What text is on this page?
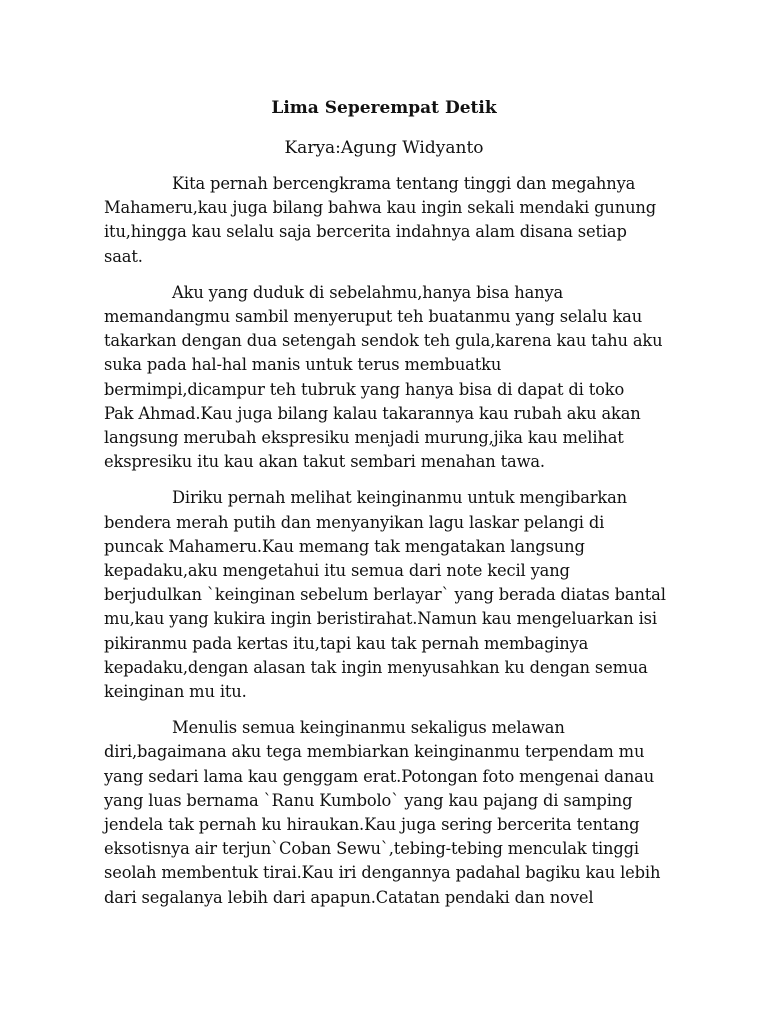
Lima Seperempat Detik
Karya:Agung Widyanto

Kita pernah bercengkrama tentang tinggi dan megahnya
Mahameru,kau juga bilang bahwa kau ingin sekali mendaki gunung
itu,hingga kau selalu saja bercerita indahnya alam disana setiap
saat.

Aku yang duduk di sebelahmu,hanya bisa hanya
memandangmu sambil menyeruput teh buatanmu yang selalu kau
takarkan dengan dua setengah sendok teh gula,karena kau tahu aku
suka pada hal-hal manis untuk terus membuatku
bermimpi,dicampur teh tubruk yang hanya bisa di dapat di toko
Pak Ahmad.Kau juga bilang kalau takarannya kau rubah aku akan
langsung merubah ekspresiku menjadi murung,jika kau melihat
ekspresiku itu kau akan takut sembari menahan tawa.

Diriku pernah melihat keinginanmu untuk mengibarkan
bendera merah putih dan menyanyikan lagu laskar pelangi di
puncak Mahameru.Kau memang tak mengatakan langsung
kepadaku,aku mengetahui itu semua dari note kecil yang
berjudulkan `keinginan sebelum berlayar` yang berada diatas bantal
mu,kau yang kukira ingin beristirahat.Namun kau mengeluarkan isi
pikiranmu pada kertas itu,tapi kau tak pernah membaginya
kepadaku,dengan alasan tak ingin menyusahkan ku dengan semua
keinginan mu itu.

Menulis semua keinginanmu sekaligus melawan
diri,bagaimana aku tega membiarkan keinginanmu terpendam mu
yang sedari lama kau genggam erat.Potongan foto mengenai danau
yang luas bernama `Ranu Kumbolo` yang kau pajang di samping
jendela tak pernah ku hiraukan.Kau juga sering bercerita tentang
eksotisnya air terjun`Coban Sewu`,tebing-tebing menculak tinggi
seolah membentuk tirai.Kau iri dengannya padahal bagiku kau lebih
dari segalanya lebih dari apapun.Catatan pendaki dan novel
